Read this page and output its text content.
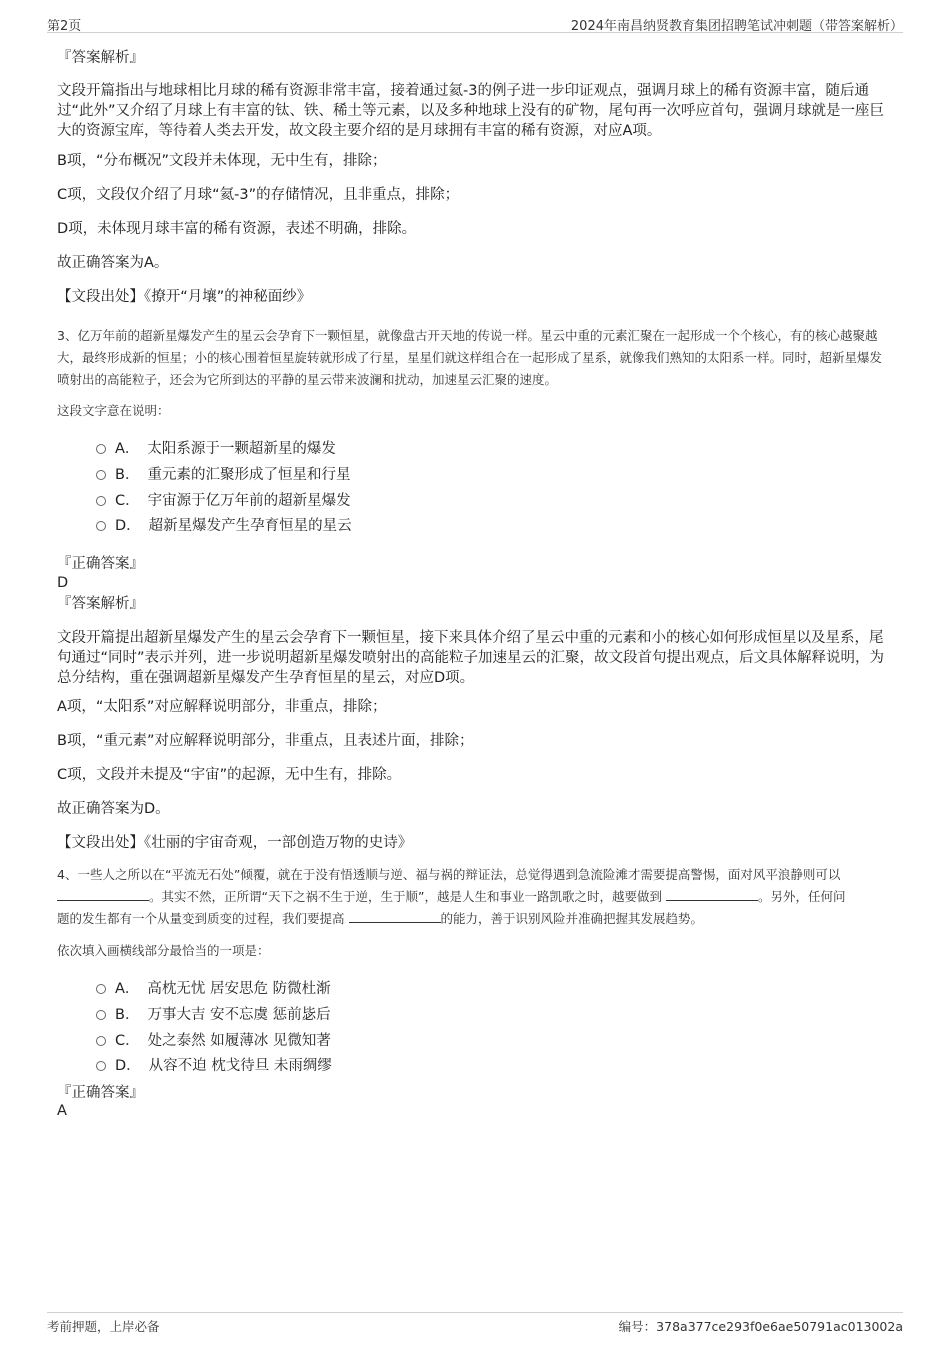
第2页	2024年南昌纳贤教育集团招聘笔试冲刺题（带答案解析）
『答案解析』

文段开篇指出与地球相比月球的稀有资源非常丰富，接着通过氦-3的例子进一步印证观点，强调月球上的稀有资源丰富，随后通过“此外”又介绍了月球上有丰富的钛、铁、稀土等元素，以及多种地球上没有的矿物，尾句再一次呼应首句，强调月球就是一座巨大的资源宝库，等待着人类去开发，故文段主要介绍的是月球拥有丰富的稀有资源，对应A项。

B项，“分布概况”文段并未体现，无中生有，排除；
C项，文段仅介绍了月球“氦-3”的存储情况，且非重点，排除；
D项，未体现月球丰富的稀有资源，表述不明确，排除。
故正确答案为A。
【文段出处】《撩开“月壤”的神秘面纱》
3、亿万年前的超新星爆发产生的星云会孕育下一颗恒星，就像盘古开天地的传说一样。星云中重的元素汇聚在一起形成一个个核心，有的核心越聚越大，最终形成新的恒星；小的核心围着恒星旋转就形成了行星，星星们就这样组合在一起形成了星系，就像我们熟知的太阳系一样。同时，超新星爆发喷射出的高能粒子，还会为它所到达的平静的星云带来波澜和扰动，加速星云汇聚的速度。
这段文字意在说明：
A． 太阳系源于一颗超新星的爆发
B． 重元素的汇聚形成了恒星和行星
C． 宇宙源于亿万年前的超新星爆发
D． 超新星爆发产生孕育恒星的星云
『正确答案』
D
『答案解析』

文段开篇提出超新星爆发产生的星云会孕育下一颗恒星，接下来具体介绍了星云中重的元素和小的核心如何形成恒星以及星系，尾句通过“同时”表示并列，进一步说明超新星爆发喷射出的高能粒子加速星云的汇聚，故文段首句提出观点，后文具体解释说明，为总分结构，重在强调超新星爆发产生孕育恒星的星云，对应D项。

A项，“太阳系”对应解释说明部分，非重点，排除；
B项，“重元素”对应解释说明部分，非重点，且表述片面，排除；
C项，文段并未提及“宇宙”的起源，无中生有，排除。
故正确答案为D。
【文段出处】《壮丽的宇宙奇观，一部创造万物的史诗》
4、一些人之所以在“平流无石处”倾覆，就在于没有悟透顺与逆、福与祸的辩证法，总觉得遇到急流险滩才需要提高警惕，面对风平浪静则可以
。其实不然，正所谓“天下之祸不生于逆，生于顺”，越是人生和事业一路凯歌之时，越要做到	。另外，任何问
题的发生都有一个从量变到质变的过程，我们要提高	的能力，善于识别风险并准确把握其发展趋势。
依次填入画横线部分最恰当的一项是：
A． 高枕无忧 居安思危 防微杜渐
B． 万事大吉 安不忘虞 惩前毖后
C． 处之泰然 如履薄冰 见微知著
D． 从容不迫 枕戈待旦 未雨绸缪
『正确答案』
A
考前押题，上岸必备	编号：378a377ce293f0e6ae50791ac013002a
